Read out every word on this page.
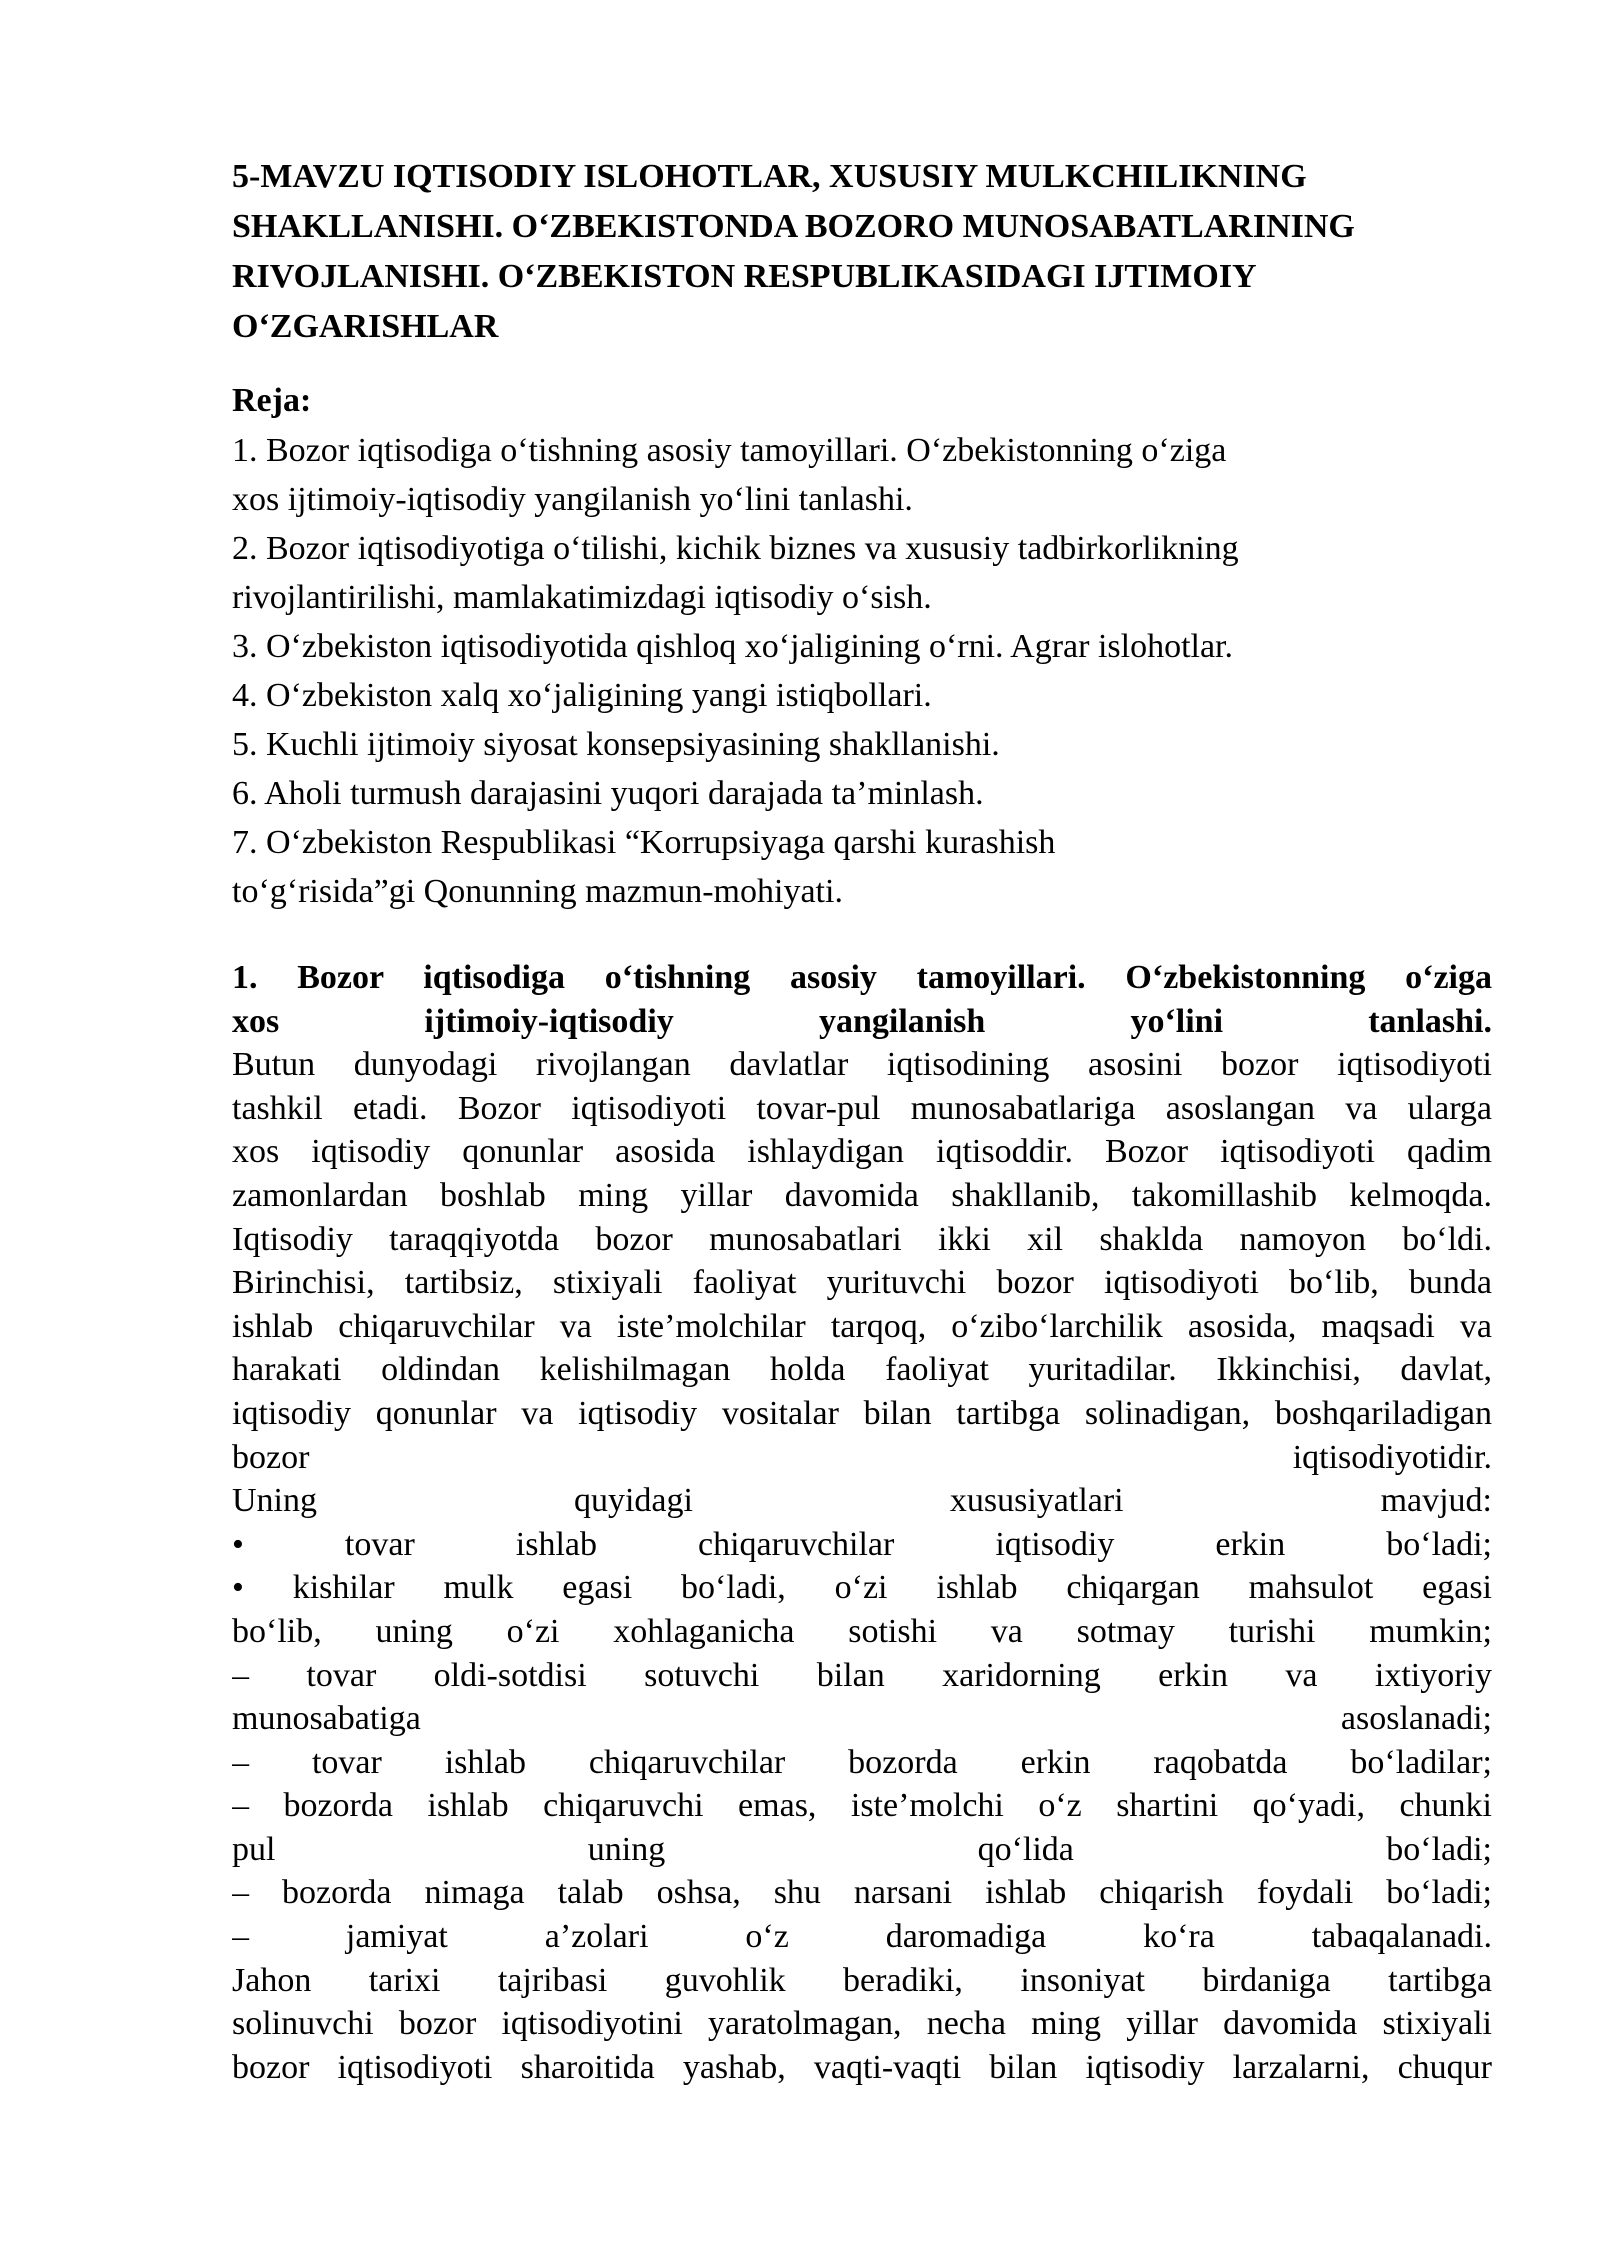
5-MAVZU IQTISODIY ISLOHOTLAR, XUSUSIY MULKCHILIKNING
SHAKLLANISHI. O‘ZBEKISTONDA BOZORO MUNOSABATLARINING
RIVOJLANISHI. O‘ZBEKISTON RESPUBLIKASIDAGI IJTIMOIY
O‘ZGARISHLAR
Reja:
1. Bozor iqtisodiga o‘tishning asosiy tamoyillari. O‘zbekistonning o‘ziga
xos ijtimoiy-iqtisodiy yangilanish yo‘lini tanlashi.
2. Bozor iqtisodiyotiga o‘tilishi, kichik biznes va xususiy tadbirkorlikning
rivojlantirilishi, mamlakatimizdagi iqtisodiy o‘sish.
3. O‘zbekiston iqtisodiyotida qishloq xo‘jaligining o‘rni. Agrar islohotlar.
4. O‘zbekiston xalq xo‘jaligining yangi istiqbollari.
5. Kuchli ijtimoiy siyosat konsepsiyasining shakllanishi.
6. Aholi turmush darajasini yuqori darajada ta’minlash.
7. O‘zbekiston Respublikasi “Korrupsiyaga qarshi kurashish
to‘g‘risida”gi Qonunning mazmun-mohiyati.
1. Bozor iqtisodiga o‘tishning asosiy tamoyillari. O‘zbekistonning o‘ziga
xos ijtimoiy-iqtisodiy yangilanish yo‘lini tanlashi.
Butun dunyodagi rivojlangan davlatlar iqtisodining asosini bozor iqtisodiyoti
tashkil etadi. Bozor iqtisodiyoti tovar-pul munosabatlariga asoslangan va ularga
xos iqtisodiy qonunlar asosida ishlaydigan iqtisoddir. Bozor iqtisodiyoti qadim
zamonlardan boshlab ming yillar davomida shakllanib, takomillashib kelmoqda.
Iqtisodiy taraqqiyotda bozor munosabatlari ikki xil shaklda namoyon bo‘ldi.
Birinchisi, tartibsiz, stixiyali faoliyat yurituvchi bozor iqtisodiyoti bo‘lib, bunda
ishlab chiqaruvchilar va iste’molchilar tarqoq, o‘zibo‘larchilik asosida, maqsadi va
harakati oldindan kelishilmagan holda faoliyat yuritadilar. Ikkinchisi, davlat,
iqtisodiy qonunlar va iqtisodiy vositalar bilan tartibga solinadigan, boshqariladigan
bozor iqtisodiyotidir.
Uning quyidagi xususiyatlari mavjud:
• tovar ishlab chiqaruvchilar iqtisodiy erkin bo‘ladi;
• kishilar mulk egasi bo‘ladi, o‘zi ishlab chiqargan mahsulot egasi
bo‘lib, uning o‘zi xohlaganicha sotishi va sotmay turishi mumkin;
– tovar oldi-sotdisi sotuvchi bilan xaridorning erkin va ixtiyoriy
munosabatiga asoslanadi;
– tovar ishlab chiqaruvchilar bozorda erkin raqobatda bo‘ladilar;
– bozorda ishlab chiqaruvchi emas, iste’molchi o‘z shartini qo‘yadi, chunki
pul uning qo‘lida bo‘ladi;
– bozorda nimaga talab oshsa, shu narsani ishlab chiqarish foydali bo‘ladi;
– jamiyat a’zolari o‘z daromadiga ko‘ra tabaqalanadi.
Jahon tarixi tajribasi guvohlik beradiki, insoniyat birdaniga tartibga
solinuvchi bozor iqtisodiyotini yaratolmagan, necha ming yillar davomida stixiyali
bozor iqtisodiyoti sharoitida yashab, vaqti-vaqti bilan iqtisodiy larzalarni, chuqur
